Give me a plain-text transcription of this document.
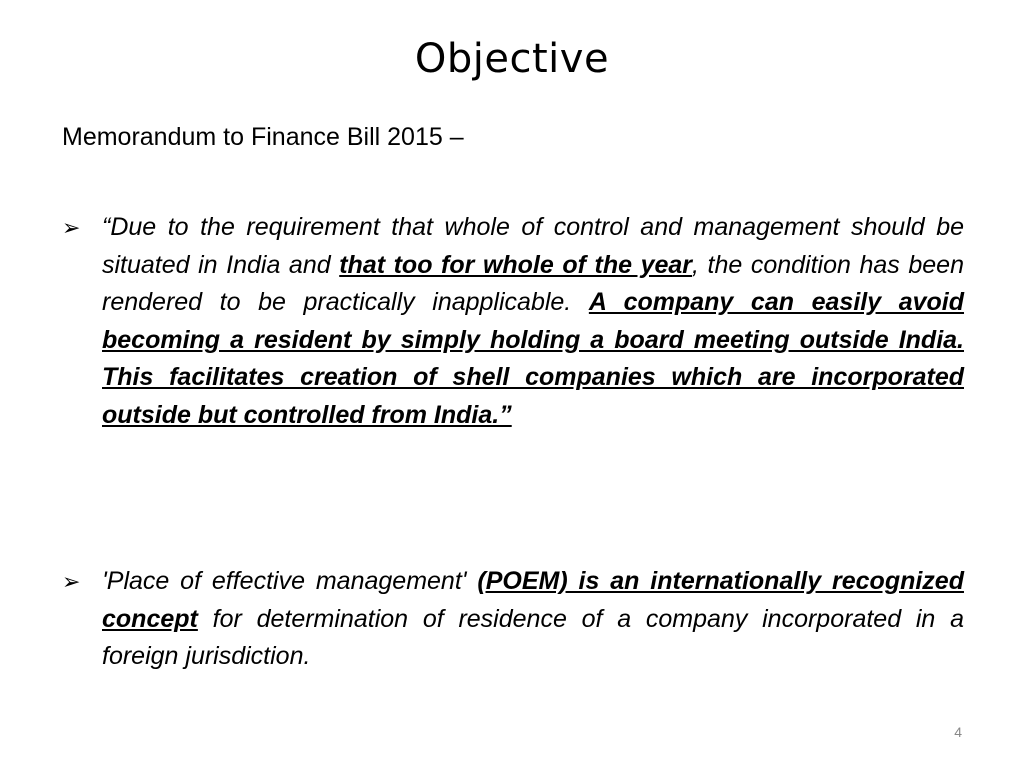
Objective
Memorandum to Finance Bill 2015 –
➢ “Due to the requirement that whole of control and management should be situated in India and that too for whole of the year, the condition has been rendered to be practically inapplicable. A company can easily avoid becoming a resident by simply holding a board meeting outside India. This facilitates creation of shell companies which are incorporated outside but controlled from India.”
➢ 'Place of effective management' (POEM) is an internationally recognized concept for determination of residence of a company incorporated in a foreign jurisdiction.
4
